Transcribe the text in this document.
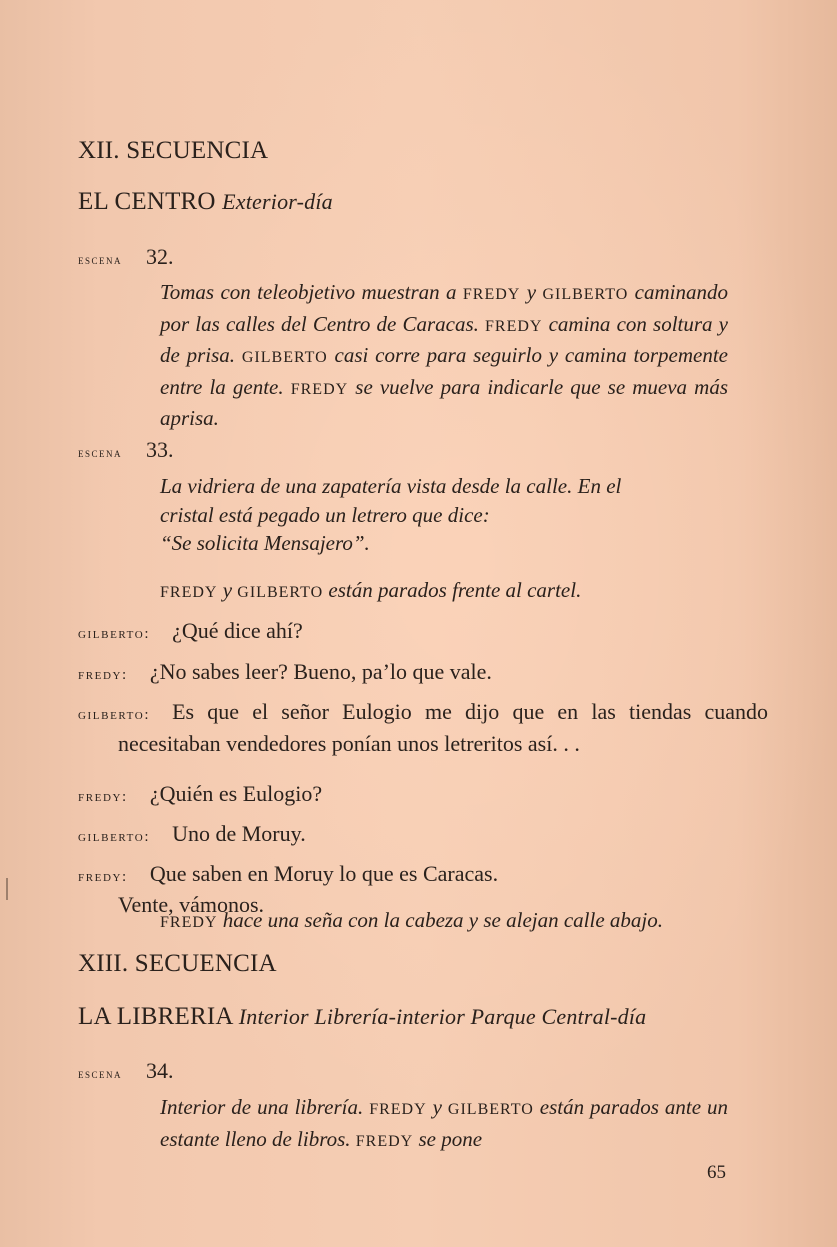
XII. SECUENCIA
EL CENTRO Exterior-día
escena 32.
Tomas con teleobjetivo muestran a FREDY y GILBERTO caminando por las calles del Centro de Caracas. FREDY camina con soltura y de prisa. GILBERTO casi corre para seguirlo y camina torpemente entre la gente. FREDY se vuelve para indicarle que se mueva más aprisa.
escena 33.
La vidriera de una zapatería vista desde la calle. En el
cristal está pegado un letrero que dice:
“Se solicita Mensajero”.
FREDY y GILBERTO están parados frente al cartel.
gilberto: ¿Qué dice ahí?
fredy: ¿No sabes leer? Bueno, pa’lo que vale.
gilberto: Es que el señor Eulogio me dijo que en las tiendas cuando necesitaban vendedores ponían unos letreritos así. . .
fredy: ¿Quién es Eulogio?
gilberto: Uno de Moruy.
fredy: Que saben en Moruy lo que es Caracas.
Vente, vámonos.
FREDY hace una seña con la cabeza y se alejan calle abajo.
XIII. SECUENCIA
LA LIBRERIA Interior Librería-interior Parque Central-día
escena 34.
Interior de una librería. FREDY y GILBERTO están parados ante un estante lleno de libros. FREDY se pone
65
